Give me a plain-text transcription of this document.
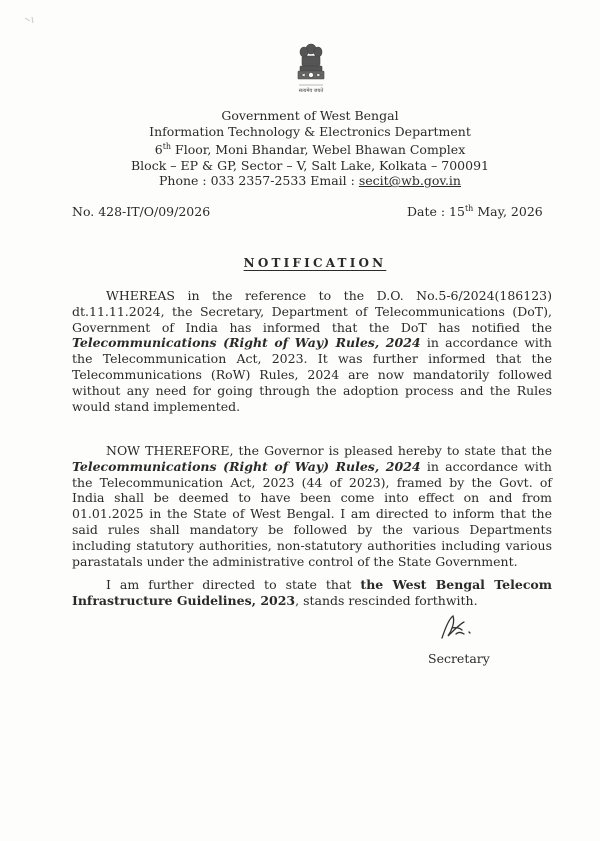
सत्यमेव जयते
Government of West Bengal
Information Technology & Electronics Department
6th Floor, Moni Bhandar, Webel Bhawan Complex
Block – EP & GP, Sector – V, Salt Lake, Kolkata – 700091
Phone : 033 2357-2533 Email : secit@wb.gov.in
No. 428-IT/O/09/2026	Date : 15th May, 2026
NOTIFICATION
WHEREAS in the reference to the D.O. No.5-6/2024(186123) dt.11.11.2024, the Secretary, Department of Telecommunications (DoT), Government of India has informed that the DoT has notified the Telecommunications (Right of Way) Rules, 2024 in accordance with the Telecommunication Act, 2023. It was further informed that the Telecommunications (RoW) Rules, 2024 are now mandatorily followed without any need for going through the adoption process and the Rules would stand implemented.
NOW THEREFORE, the Governor is pleased hereby to state that the Telecommunications (Right of Way) Rules, 2024 in accordance with the Telecommunication Act, 2023 (44 of 2023), framed by the Govt. of India shall be deemed to have been come into effect on and from 01.01.2025 in the State of West Bengal. I am directed to inform that the said rules shall mandatory be followed by the various Departments including statutory authorities, non-statutory authorities including various parastatals under the administrative control of the State Government.
I am further directed to state that the West Bengal Telecom Infrastructure Guidelines, 2023, stands rescinded forthwith.
Secretary
